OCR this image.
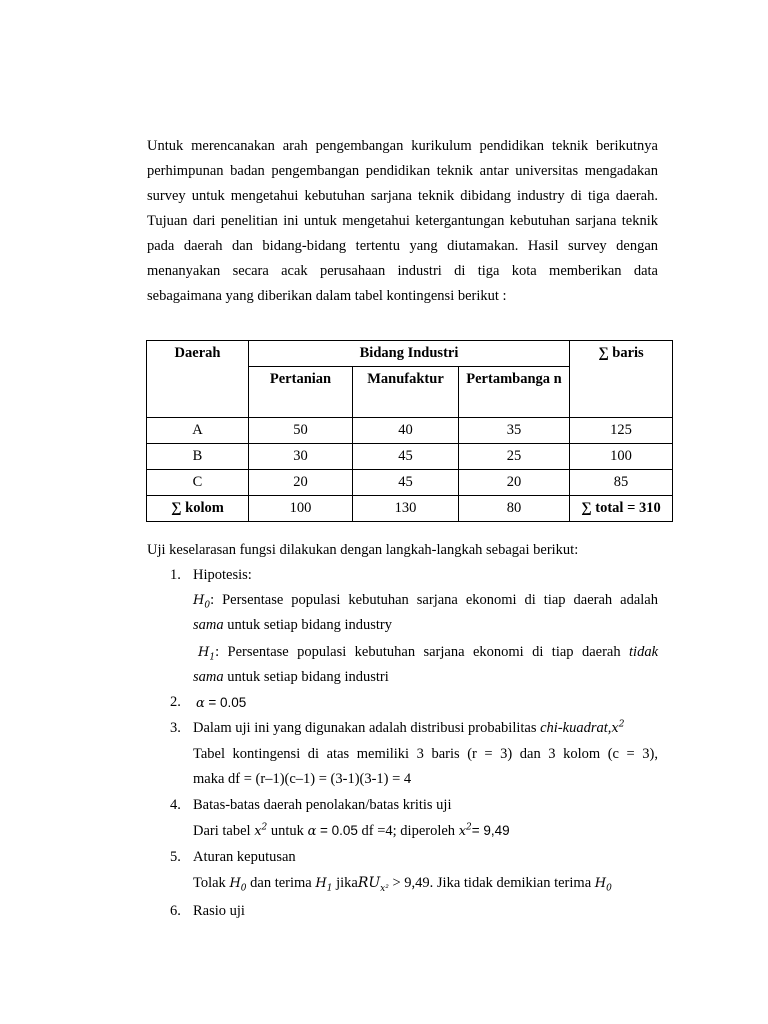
Untuk merencanakan arah pengembangan kurikulum pendidikan teknik berikutnya perhimpunan badan pengembangan pendidikan teknik antar universitas mengadakan survey untuk mengetahui kebutuhan sarjana teknik dibidang industry di tiga daerah. Tujuan dari penelitian ini untuk mengetahui ketergantungan kebutuhan sarjana teknik pada daerah dan bidang-bidang tertentu yang diutamakan. Hasil survey dengan menanyakan secara acak perusahaan industri di tiga kota memberikan data sebagaimana yang diberikan dalam tabel kontingensi berikut :

Daerah	Bidang Industri			∑ baris
	Pertanian	Manufaktur	Pertambanga n	
A	50	40	35	125
B	30	45	25	100
C	20	45	20	85
∑ kolom	100	130	80	∑ total = 310

Uji keselarasan fungsi dilakukan dengan langkah-langkah sebagai berikut:

1. Hipotesis:
$H_0$: Persentase populasi kebutuhan sarjana ekonomi di tiap daerah adalah
sama untuk setiap bidang industry
$H_1$: Persentase populasi kebutuhan sarjana ekonomi di tiap daerah tidak
sama untuk setiap bidang industri
2. α = 0.05
3. Dalam uji ini yang digunakan adalah distribusi probabilitas chi-$kuadrat,x^2$
Tabel kontingensi di atas memiliki 3 baris (r = 3) dan 3 kolom (c = 3),
maka df = (r–1)(c–1) = (3-1)(3-1) = 4
4. Batas-batas daerah penolakan/batas kritis uji
Dari tabel $x^2$ untuk α = 0.05 df =4; diperoleh $x^2= 9,49$
5. Aturan keputusan
Tolak $H_0$ dan terima $H_1$ jikaRU$_{x^2}$ > 9,49. Jika tidak demikian terima $H_0$
6. Rasio uji
